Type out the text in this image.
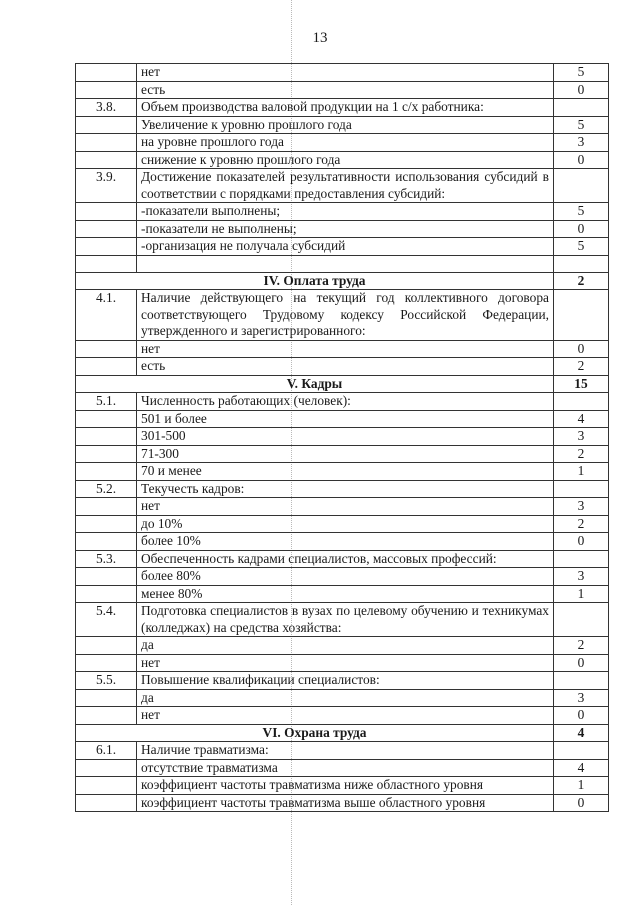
13
	нет	5
	есть	0
3.8.	Объем производства валовой продукции на 1 с/х работника:	
	Увеличение к уровню прошлого года	5
	на уровне прошлого года	3
	снижение к уровню прошлого года	0
3.9.	Достижение показателей результативности использования субсидий в соответствии с порядками предоставления субсидий:	
	-показатели выполнены;	5
	-показатели не выполнены;	0
	-организация не получала субсидий	5

IV. Оплата труда		2
4.1.	Наличие действующего на текущий год коллективного договора соответствующего Трудовому кодексу Российской Федерации, утвержденного и зарегистрированного:	
	нет	0
	есть	2
V. Кадры		15
5.1.	Численность работающих (человек):	
	501 и более	4
	301-500	3
	71-300	2
	70 и менее	1
5.2.	Текучесть кадров:	
	нет	3
	до 10%	2
	более 10%	0
5.3.	Обеспеченность кадрами специалистов, массовых профессий:	
	более 80%	3
	менее 80%	1
5.4.	Подготовка специалистов в вузах по целевому обучению и техникумах (колледжах) на средства хозяйства:	
	да	2
	нет	0
5.5.	Повышение квалификации специалистов:	
	да	3
	нет	0
VI. Охрана труда		4
6.1.	Наличие травматизма:	
	отсутствие травматизма	4
	коэффициент частоты травматизма ниже областного уровня	1
	коэффициент частоты травматизма выше областного уровня	0
